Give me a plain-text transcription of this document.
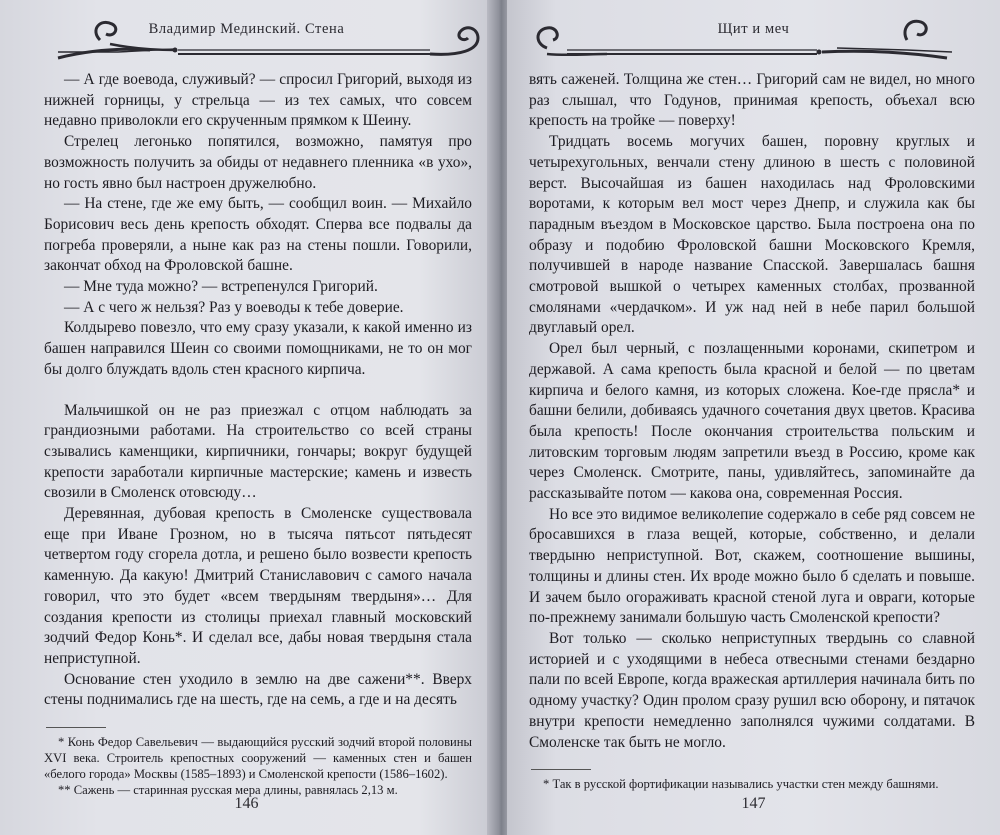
Владимир Мединский. Стена

— А где воевода, служивый? — спросил Григорий, выходя из нижней горницы, у стрельца — из тех самых, что совсем недавно приволокли его скрученным прямком к Шеину.

Стрелец легонько попятился, возможно, памятуя про возможность получить за обиды от недавнего пленника «в ухо», но гость явно был настроен дружелюбно.

— На стене, где же ему быть, — сообщил воин. — Михайло Борисович весь день крепость обходят. Сперва все подвалы да погреба проверяли, а ныне как раз на стены пошли. Говорили, закончат обход на Фроловской башне.

— Мне туда можно? — встрепенулся Григорий.

— А с чего ж нельзя? Раз у воеводы к тебе доверие.

Колдырево повезло, что ему сразу указали, к какой именно из башен направился Шеин со своими помощниками, не то он мог бы долго блуждать вдоль стен красного кирпича.

Мальчишкой он не раз приезжал с отцом наблюдать за грандиозными работами. На строительство со всей страны сзывались каменщики, кирпичники, гончары; вокруг будущей крепости заработали кирпичные мастерские; камень и известь свозили в Смоленск отовсюду…

Деревянная, дубовая крепость в Смоленске существовала еще при Иване Грозном, но в тысяча пятьсот пятьдесят четвертом году сгорела дотла, и решено было возвести крепость каменную. Да какую! Дмитрий Станиславович с самого начала говорил, что это будет «всем твердыням твердыня»… Для создания крепости из столицы приехал главный московский зодчий Федор Конь*. И сделал все, дабы новая твердыня стала неприступной.

Основание стен уходило в землю на две сажени**. Вверх стены поднимались где на шесть, где на семь, а где и на десять

* Конь Федор Савельевич — выдающийся русский зодчий второй половины XVI века. Строитель крепостных сооружений — каменных стен и башен «белого города» Москвы (1585–1893) и Смоленской крепости (1586–1602).

** Сажень — старинная русская мера длины, равнялась 2,13 м.

146
Щит и меч

вять саженей. Толщина же стен… Григорий сам не видел, но много раз слышал, что Годунов, принимая крепость, объехал всю крепость на тройке — поверху!

Тридцать восемь могучих башен, поровну круглых и четырехугольных, венчали стену длиною в шесть с половиной верст. Высочайшая из башен находилась над Фроловскими воротами, к которым вел мост через Днепр, и служила как бы парадным въездом в Московское царство. Была построена она по образу и подобию Фроловской башни Московского Кремля, получившей в народе название Спасской. Завершалась башня смотровой вышкой о четырех каменных столбах, прозванной смолянами «чердачком». И уж над ней в небе парил большой двуглавый орел.

Орел был черный, с позлащенными коронами, скипетром и державой. А сама крепость была красной и белой — по цветам кирпича и белого камня, из которых сложена. Кое-где прясла* и башни белили, добиваясь удачного сочетания двух цветов. Красива была крепость! После окончания строительства польским и литовским торговым людям запретили въезд в Россию, кроме как через Смоленск. Смотрите, паны, удивляйтесь, запоминайте да рассказывайте потом — какова она, современная Россия.

Но все это видимое великолепие содержало в себе ряд совсем не бросавшихся в глаза вещей, которые, собственно, и делали твердыню неприступной. Вот, скажем, соотношение вышины, толщины и длины стен. Их вроде можно было б сделать и повыше. И зачем было огораживать красной стеной луга и овраги, которые по-прежнему занимали большую часть Смоленской крепости?

Вот только — сколько неприступных твердынь со славной историей и с уходящими в небеса отвесными стенами бездарно пали по всей Европе, когда вражеская артиллерия начинала бить по одному участку? Один пролом сразу рушил всю оборону, и пятачок внутри крепости немедленно заполнялся чужими солдатами. В Смоленске так быть не могло.

* Так в русской фортификации назывались участки стен между башнями.

147
